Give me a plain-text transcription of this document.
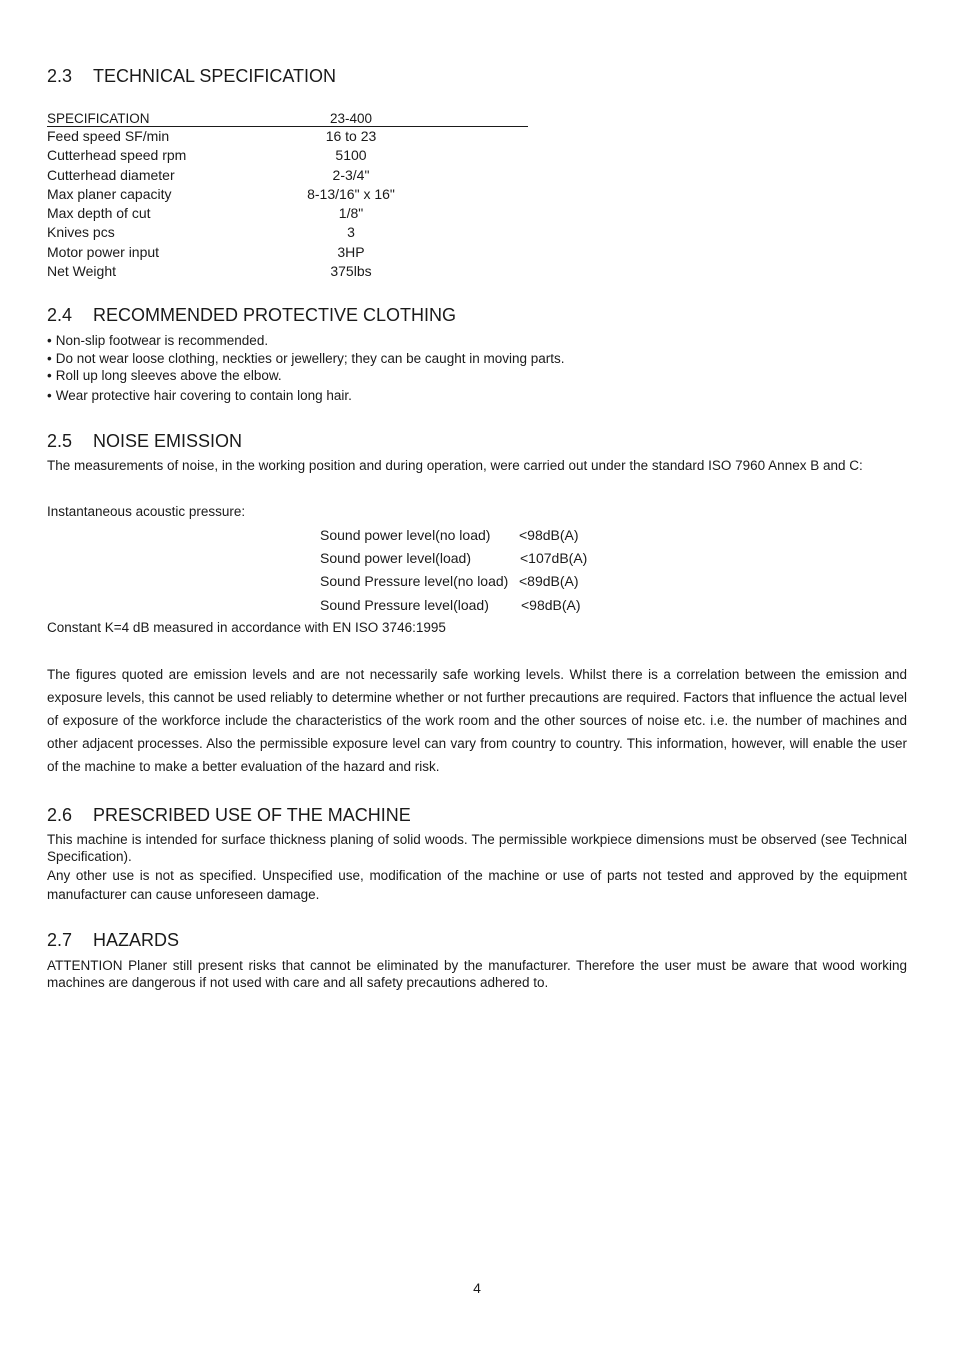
2.3 TECHNICAL SPECIFICATION
SPECIFICATION	23-400
Feed speed SF/min	16 to 23
Cutterhead speed rpm	5100
Cutterhead diameter	2-3/4"
Max planer capacity	8-13/16" x 16"
Max depth of cut	1/8"
Knives pcs	3
Motor power input	3HP
Net Weight	375lbs
2.4 RECOMMENDED PROTECTIVE CLOTHING
• Non-slip footwear is recommended.
• Do not wear loose clothing, neckties or jewellery; they can be caught in moving parts.
• Roll up long sleeves above the elbow.
• Wear protective hair covering to contain long hair.
2.5 NOISE EMISSION

The measurements of noise, in the working position and during operation, were carried out under the standard ISO 7960 Annex B and C:

Instantaneous acoustic pressure:

Sound power level(no load) <98dB(A)
Sound power level(load)	<107dB(A)
Sound Pressure level(no load) <89dB(A)
Sound Pressure level(load) <98dB(A)

Constant K=4 dB measured in accordance with EN ISO 3746:1995

The figures quoted are emission levels and are not necessarily safe working levels. Whilst there is a correlation between the emission and exposure levels, this cannot be used reliably to determine whether or not further precautions are required. Factors that influence the actual level of exposure of the workforce include the characteristics of the work room and the other sources of noise etc. i.e. the number of machines and other adjacent processes. Also the permissible exposure level can vary from country to country. This information, however, will enable the user of the machine to make a better evaluation of the hazard and risk.

2.6 PRESCRIBED USE OF THE MACHINE

This machine is intended for surface thickness planing of solid woods. The permissible workpiece dimensions must be observed (see Technical Specification).

Any other use is not as specified. Unspecified use, modification of the machine or use of parts not tested and approved by the equipment manufacturer can cause unforeseen damage.

2.7 HAZARDS

ATTENTION Planer still present risks that cannot be eliminated by the manufacturer. Therefore the user must be aware that wood working machines are dangerous if not used with care and all safety precautions adhered to.

4
